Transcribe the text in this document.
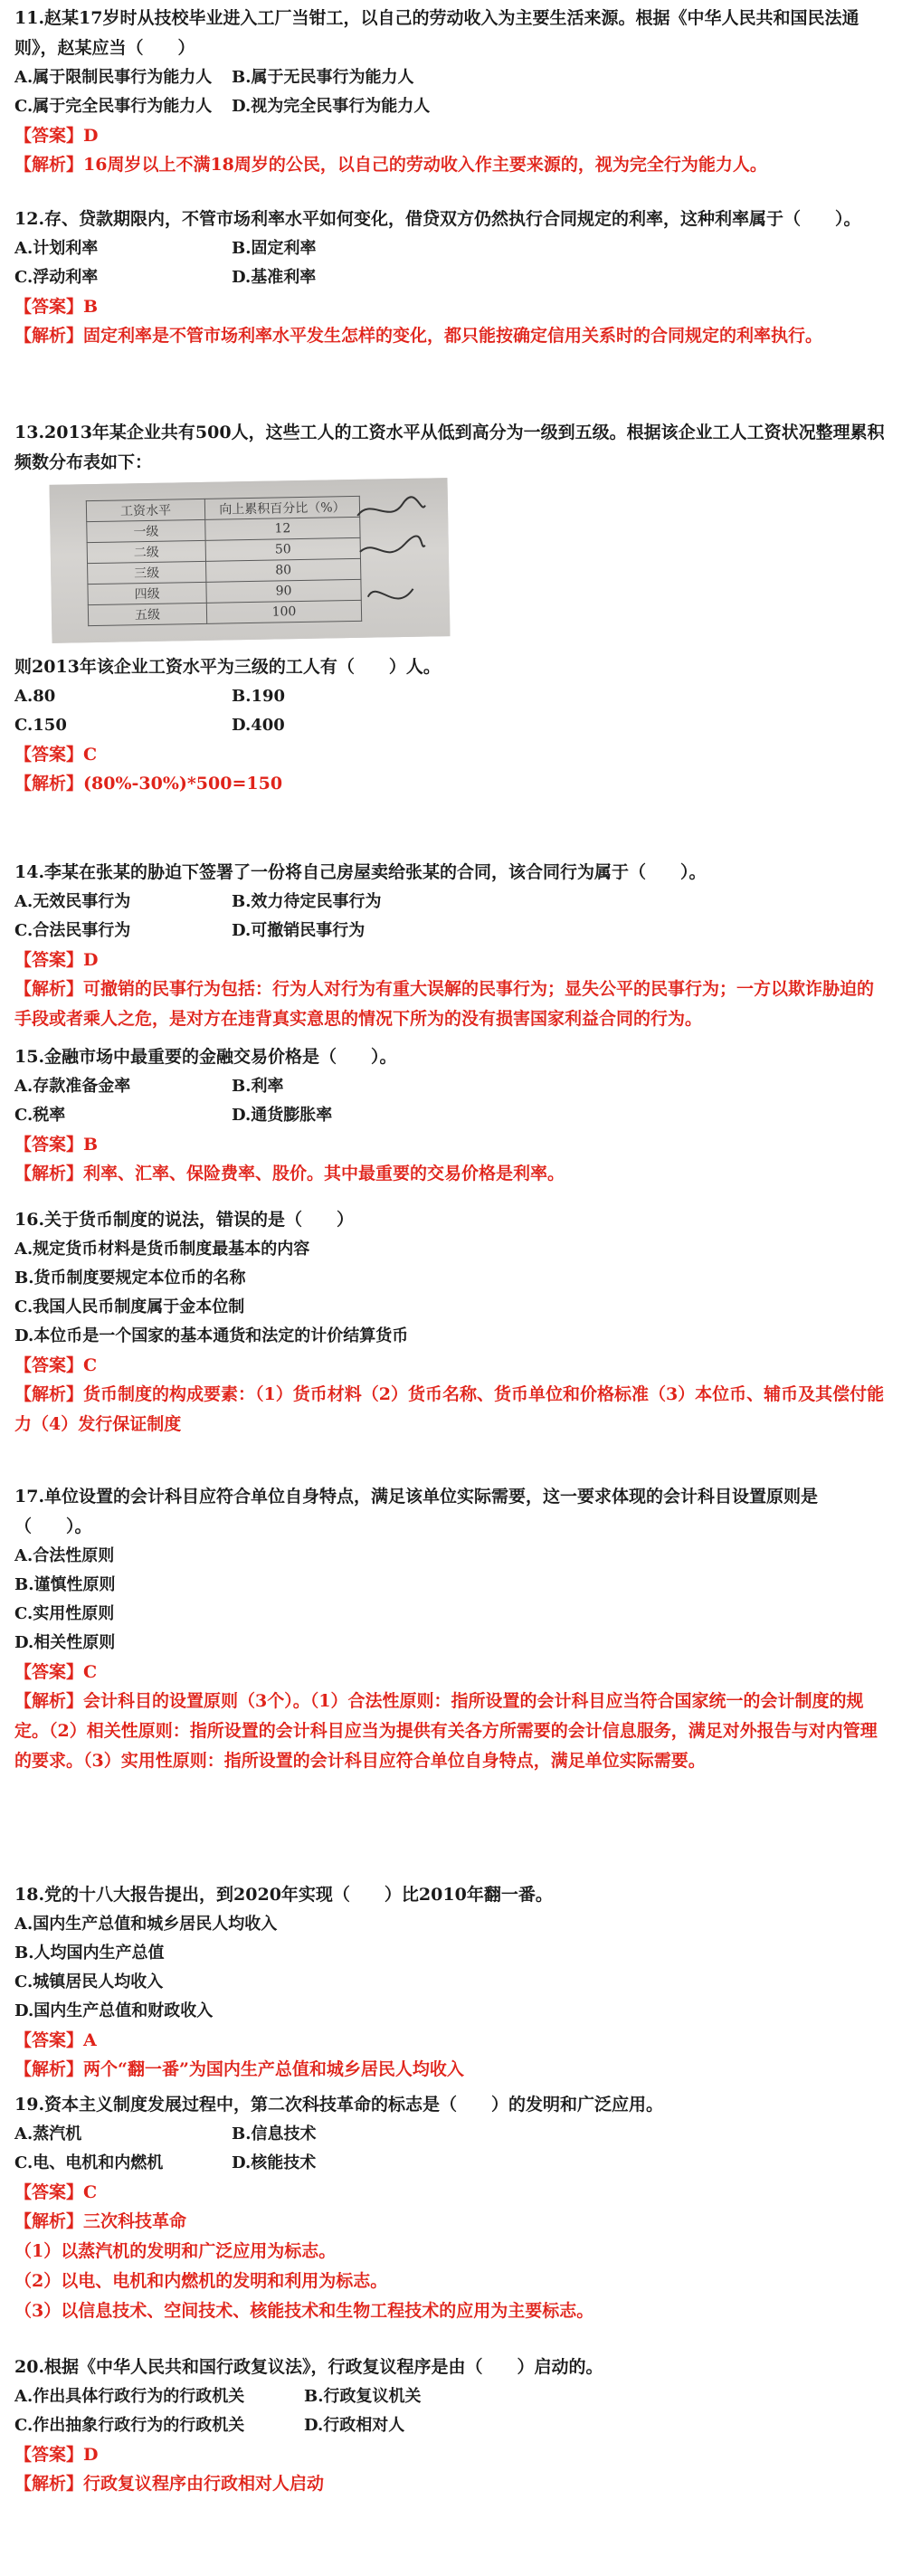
11.赵某17岁时从技校毕业进入工厂当钳工，以自己的劳动收入为主要生活来源。根据《中华人民共和国民法通则》，赵某应当（　　）

A.属于限制民事行为能力人	B.属于无民事行为能力人
C.属于完全民事行为能力人	D.视为完全民事行为能力人
【答案】D
【解析】16周岁以上不满18周岁的公民，以自己的劳动收入作主要来源的，视为完全行为能力人。

12.存、贷款期限内，不管市场利率水平如何变化，借贷双方仍然执行合同规定的利率，这种利率属于（　　）。

A.计划利率	B.固定利率
C.浮动利率	D.基准利率
【答案】B
【解析】固定利率是不管市场利率水平发生怎样的变化，都只能按确定信用关系时的合同规定的利率执行。

13.2013年某企业共有500人，这些工人的工资水平从低到高分为一级到五级。根据该企业工人工资状况整理累积频数分布表如下：

工资水平	向上累积百分比（%）
一级	12
二级	50
三级	80
四级	90
五级	100

则2013年该企业工资水平为三级的工人有（　　）人。

A.80	B.190
C.150	D.400
【答案】C
【解析】(80%-30%)*500=150

14.李某在张某的胁迫下签署了一份将自己房屋卖给张某的合同，该合同行为属于（　　）。

A.无效民事行为	B.效力待定民事行为
C.合法民事行为	D.可撤销民事行为
【答案】D
【解析】可撤销的民事行为包括：行为人对行为有重大误解的民事行为；显失公平的民事行为；一方以欺诈胁迫的手段或者乘人之危，是对方在违背真实意思的情况下所为的没有损害国家利益合同的行为。

15.金融市场中最重要的金融交易价格是（　　）。

A.存款准备金率	B.利率
C.税率	D.通货膨胀率
【答案】B
【解析】利率、汇率、保险费率、股价。其中最重要的交易价格是利率。

16.关于货币制度的说法，错误的是（　　）

A.规定货币材料是货币制度最基本的内容
B.货币制度要规定本位币的名称
C.我国人民币制度属于金本位制
D.本位币是一个国家的基本通货和法定的计价结算货币
【答案】C
【解析】货币制度的构成要素：（1）货币材料（2）货币名称、货币单位和价格标准（3）本位币、辅币及其偿付能力（4）发行保证制度

17.单位设置的会计科目应符合单位自身特点，满足该单位实际需要，这一要求体现的会计科目设置原则是（　　）。

A.合法性原则
B.谨慎性原则
C.实用性原则
D.相关性原则
【答案】C
【解析】会计科目的设置原则（3个）。（1）合法性原则：指所设置的会计科目应当符合国家统一的会计制度的规定。（2）相关性原则：指所设置的会计科目应当为提供有关各方所需要的会计信息服务，满足对外报告与对内管理的要求。（3）实用性原则：指所设置的会计科目应符合单位自身特点，满足单位实际需要。

18.党的十八大报告提出，到2020年实现（　　）比2010年翻一番。

A.国内生产总值和城乡居民人均收入
B.人均国内生产总值
C.城镇居民人均收入
D.国内生产总值和财政收入
【答案】A
【解析】两个“翻一番”为国内生产总值和城乡居民人均收入

19.资本主义制度发展过程中，第二次科技革命的标志是（　　）的发明和广泛应用。

A.蒸汽机	B.信息技术
C.电、电机和内燃机	D.核能技术
【答案】C
【解析】三次科技革命
（1）以蒸汽机的发明和广泛应用为标志。
（2）以电、电机和内燃机的发明和利用为标志。
（3）以信息技术、空间技术、核能技术和生物工程技术的应用为主要标志。

20.根据《中华人民共和国行政复议法》，行政复议程序是由（　　）启动的。

A.作出具体行政行为的行政机关	B.行政复议机关
C.作出抽象行政行为的行政机关	D.行政相对人
【答案】D
【解析】行政复议程序由行政相对人启动
